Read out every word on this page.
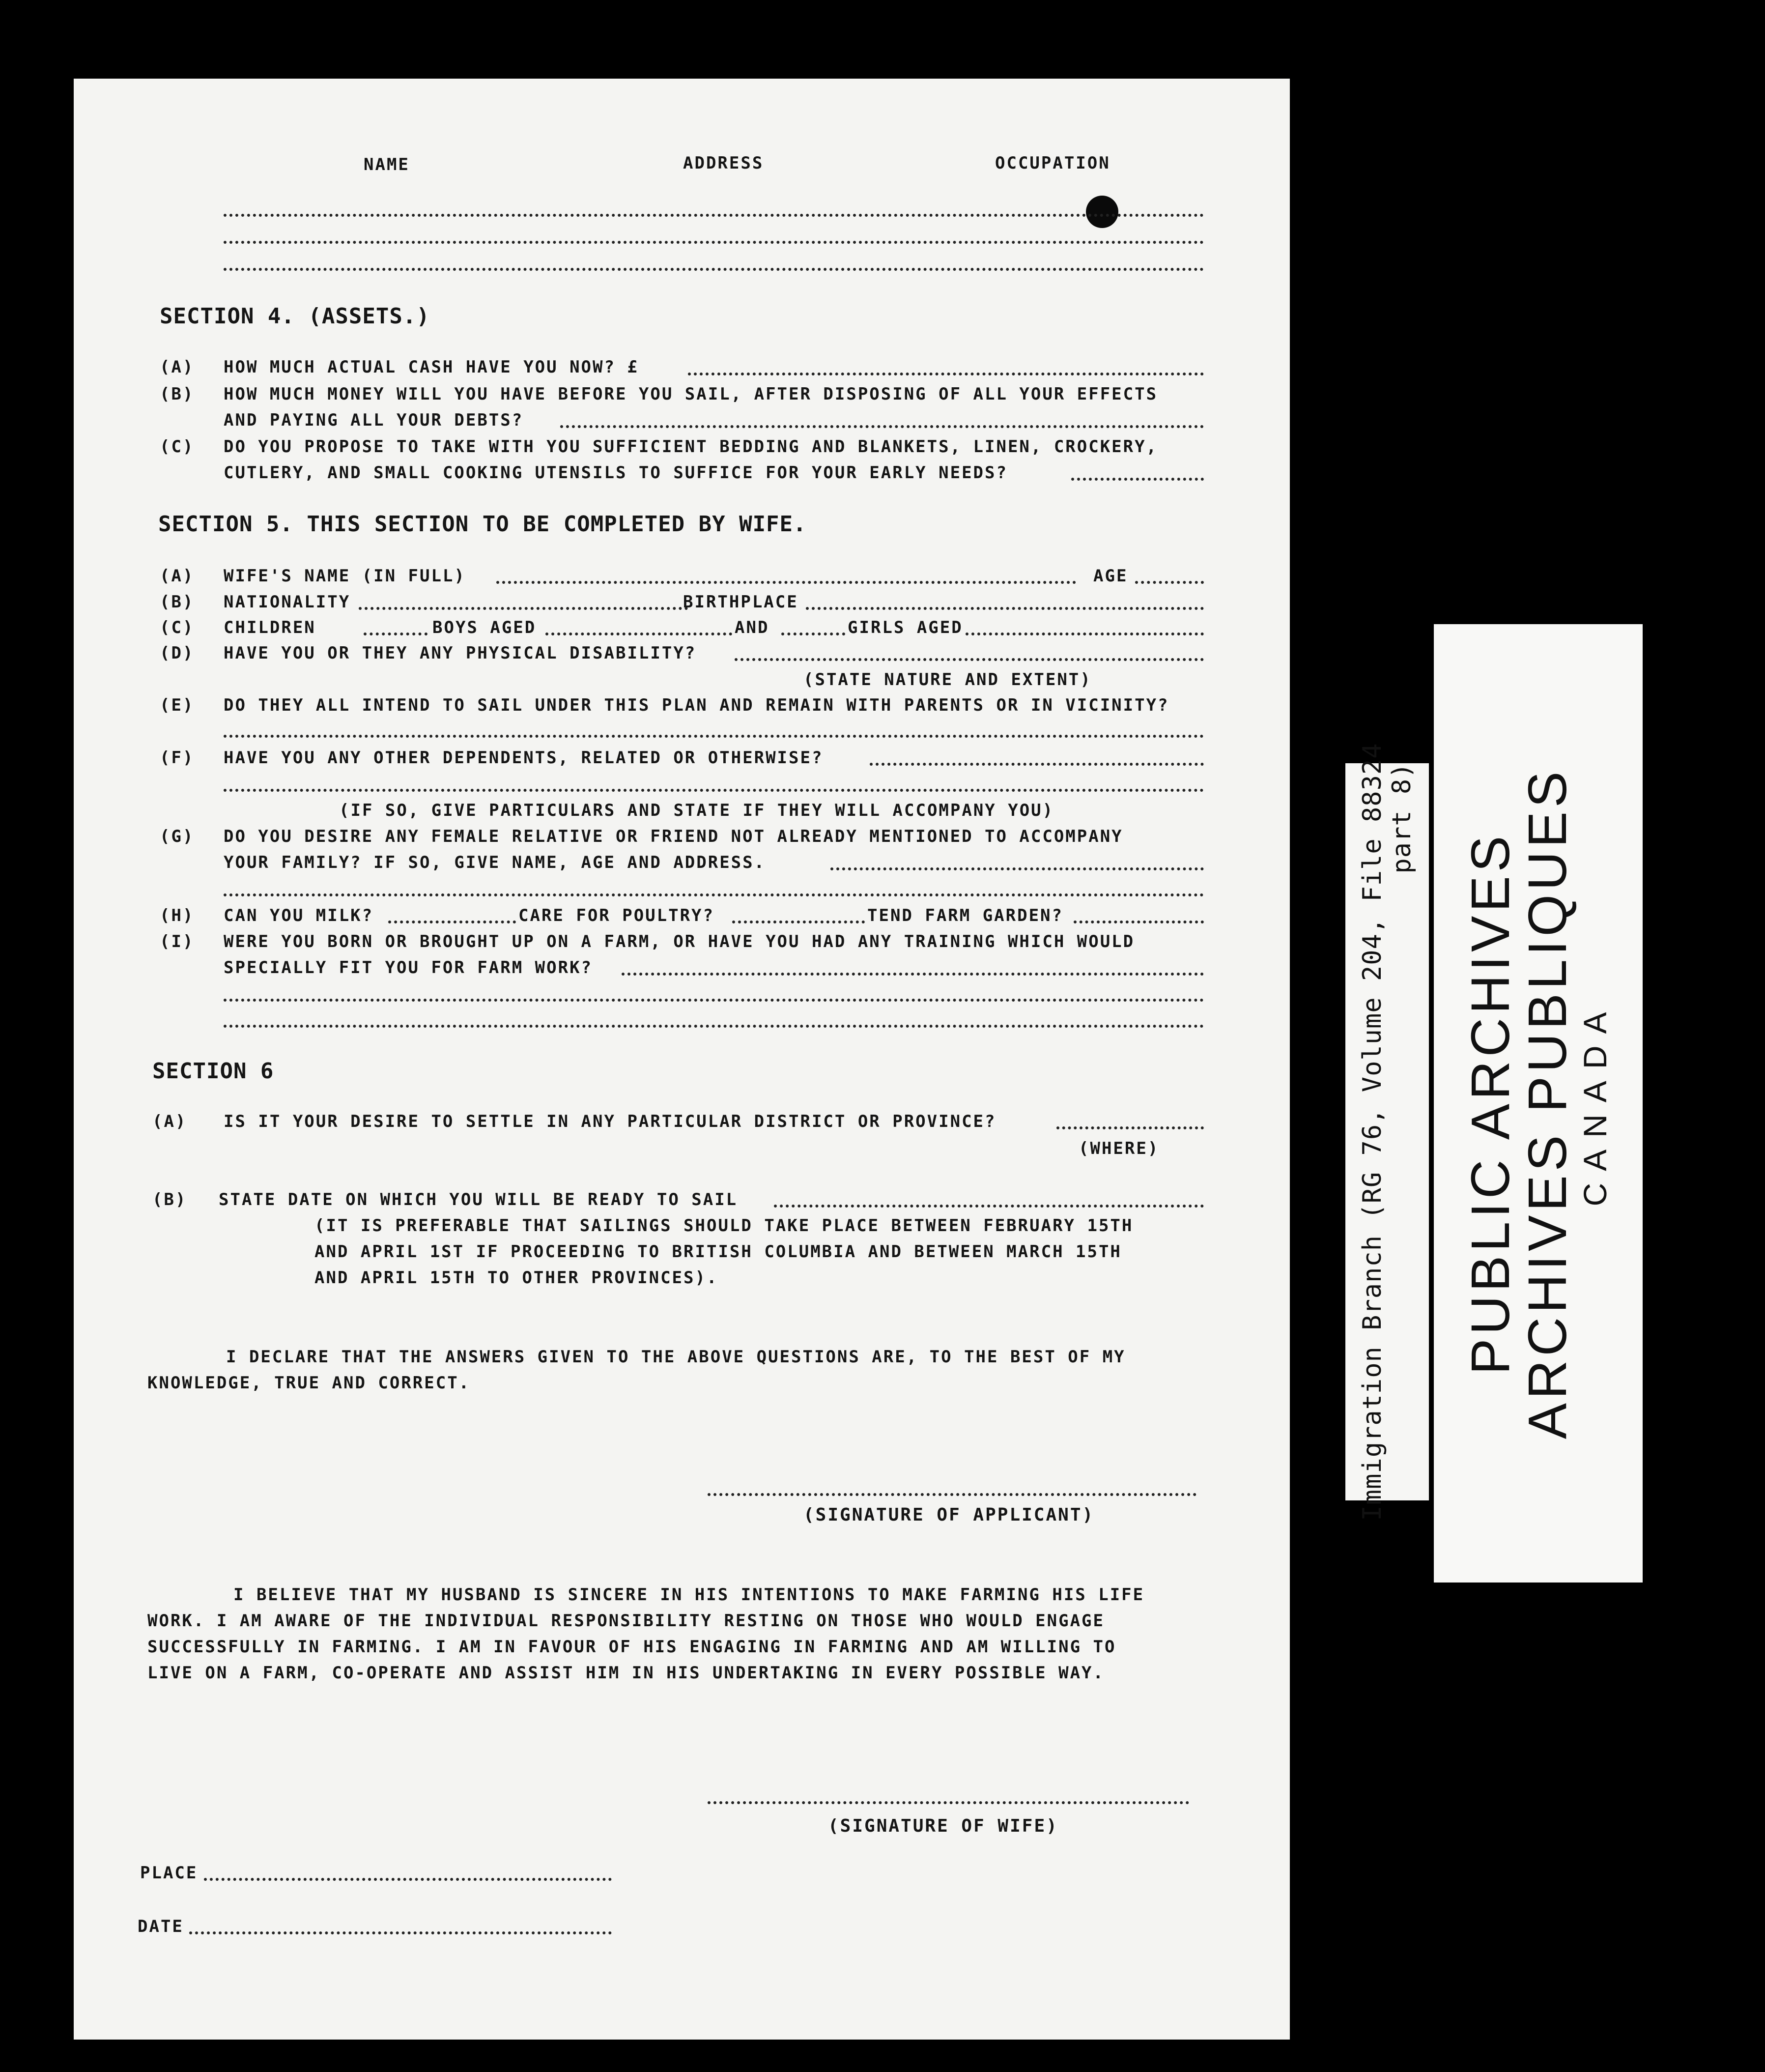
NAME	ADDRESS	OCCUPATION
SECTION 4. (ASSETS.)
(A) HOW MUCH ACTUAL CASH HAVE YOU NOW? £
(B) HOW MUCH MONEY WILL YOU HAVE BEFORE YOU SAIL, AFTER DISPOSING OF ALL YOUR EFFECTS
AND PAYING ALL YOUR DEBTS?
(C) DO YOU PROPOSE TO TAKE WITH YOU SUFFICIENT BEDDING AND BLANKETS, LINEN, CROCKERY,
CUTLERY, AND SMALL COOKING UTENSILS TO SUFFICE FOR YOUR EARLY NEEDS?
SECTION 5. THIS SECTION TO BE COMPLETED BY WIFE.
(A) WIFE'S NAME (IN FULL)	AGE
(B) NATIONALITY	BIRTHPLACE
(C) CHILDREN	BOYS AGED	AND	GIRLS AGED
(D) HAVE YOU OR THEY ANY PHYSICAL DISABILITY?
(STATE NATURE AND EXTENT)
(E) DO THEY ALL INTEND TO SAIL UNDER THIS PLAN AND REMAIN WITH PARENTS OR IN VICINITY?
(F) HAVE YOU ANY OTHER DEPENDENTS, RELATED OR OTHERWISE?
(IF SO, GIVE PARTICULARS AND STATE IF THEY WILL ACCOMPANY YOU)
(G) DO YOU DESIRE ANY FEMALE RELATIVE OR FRIEND NOT ALREADY MENTIONED TO ACCOMPANY
YOUR FAMILY? IF SO, GIVE NAME, AGE AND ADDRESS.
(H) CAN YOU MILK?	CARE FOR POULTRY?	TEND FARM GARDEN?
(I) WERE YOU BORN OR BROUGHT UP ON A FARM, OR HAVE YOU HAD ANY TRAINING WHICH WOULD
SPECIALLY FIT YOU FOR FARM WORK?
SECTION 6
(A) IS IT YOUR DESIRE TO SETTLE IN ANY PARTICULAR DISTRICT OR PROVINCE?
(WHERE)
(B) STATE DATE ON WHICH YOU WILL BE READY TO SAIL
(IT IS PREFERABLE THAT SAILINGS SHOULD TAKE PLACE BETWEEN FEBRUARY 15TH
AND APRIL 1ST IF PROCEEDING TO BRITISH COLUMBIA AND BETWEEN MARCH 15TH
AND APRIL 15TH TO OTHER PROVINCES).
I DECLARE THAT THE ANSWERS GIVEN TO THE ABOVE QUESTIONS ARE, TO THE BEST OF MY
KNOWLEDGE, TRUE AND CORRECT.
(SIGNATURE OF APPLICANT)
I BELIEVE THAT MY HUSBAND IS SINCERE IN HIS INTENTIONS TO MAKE FARMING HIS LIFE
WORK. I AM AWARE OF THE INDIVIDUAL RESPONSIBILITY RESTING ON THOSE WHO WOULD ENGAGE
SUCCESSFULLY IN FARMING. I AM IN FAVOUR OF HIS ENGAGING IN FARMING AND AM WILLING TO
LIVE ON A FARM, CO-OPERATE AND ASSIST HIM IN HIS UNDERTAKING IN EVERY POSSIBLE WAY.
(SIGNATURE OF WIFE)
PLACE
DATE
Immigration Branch (RG 76, Volume 204, File 88324 part 8)
PUBLIC ARCHIVES
ARCHIVES PUBLIQUES
CANADA
